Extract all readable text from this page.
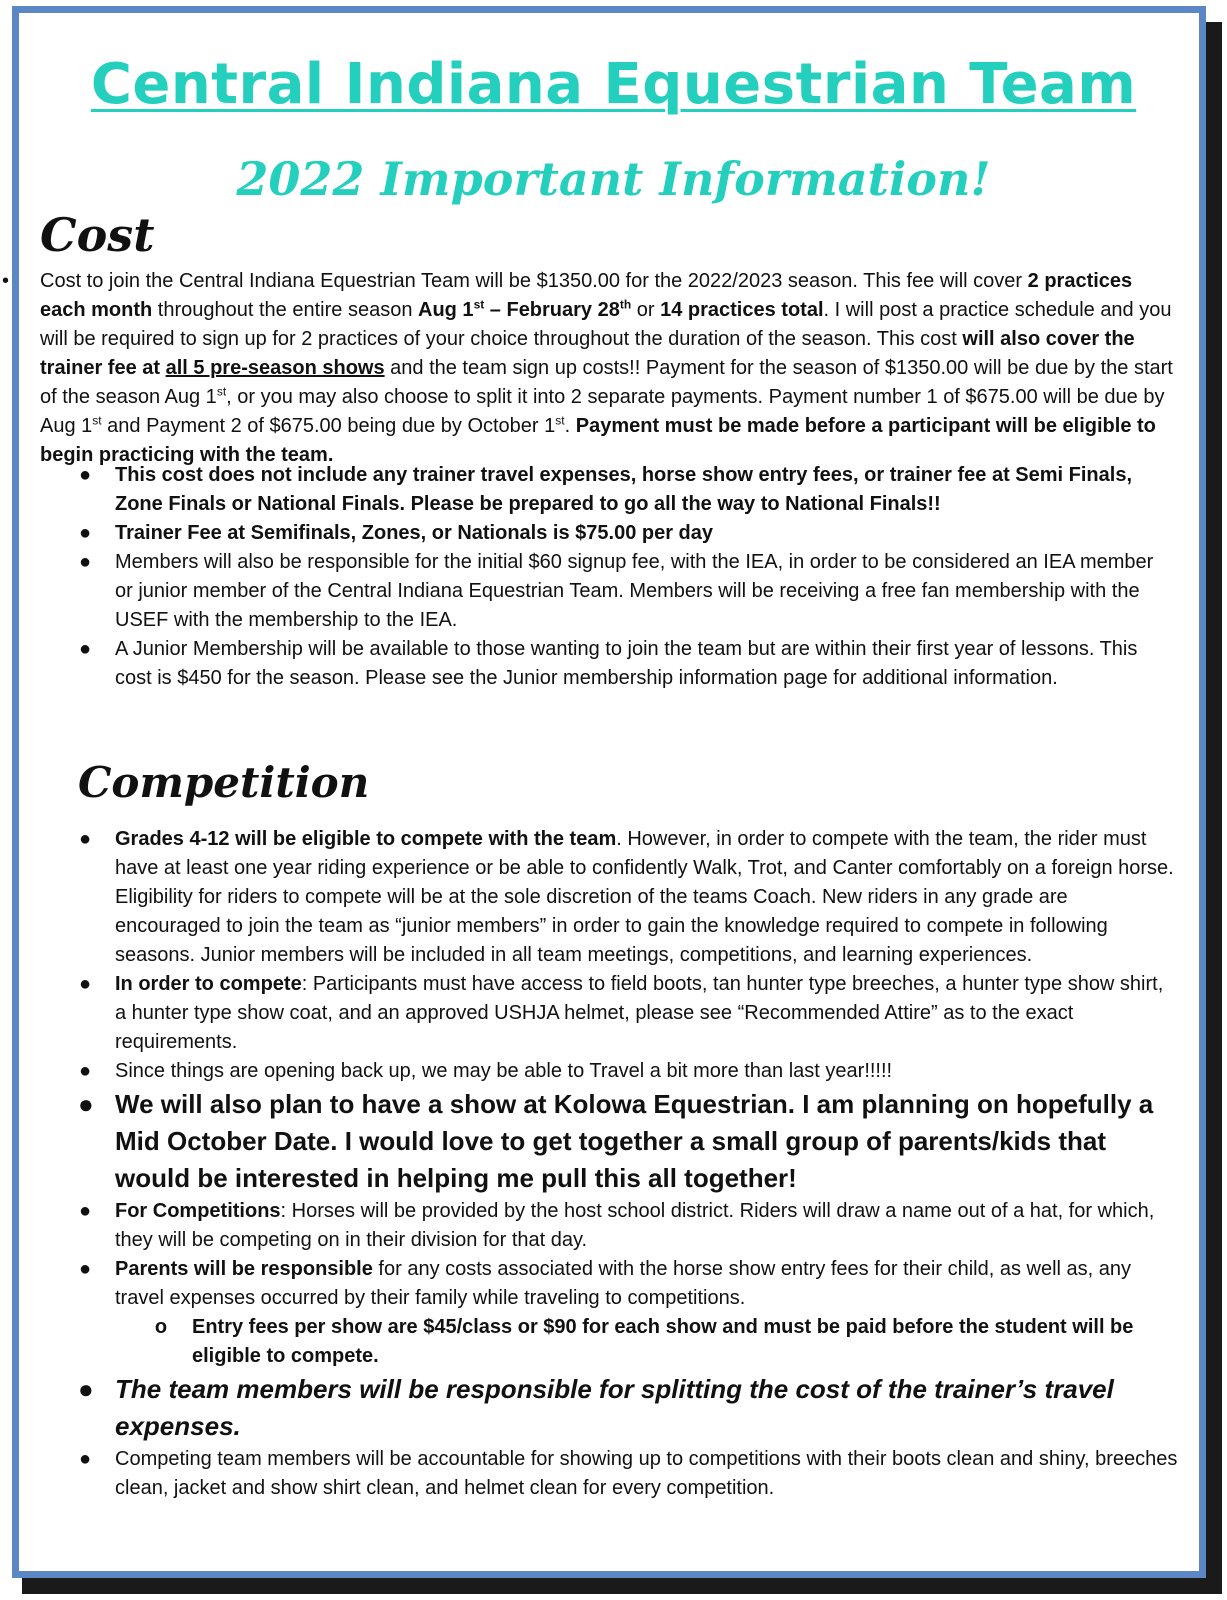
Central Indiana Equestrian Team
2022 Important Information!
Cost
• Cost to join the Central Indiana Equestrian Team will be $1350.00 for the 2022/2023 season. This fee will cover 2 practices each month throughout the entire season Aug 1st – February 28th or 14 practices total. I will post a practice schedule and you will be required to sign up for 2 practices of your choice throughout the duration of the season. This cost will also cover the trainer fee at all 5 pre-season shows and the team sign up costs!! Payment for the season of $1350.00 will be due by the start of the season Aug 1st, or you may also choose to split it into 2 separate payments. Payment number 1 of $675.00 will be due by Aug 1st and Payment 2 of $675.00 being due by October 1st. Payment must be made before a participant will be eligible to begin practicing with the team.
● This cost does not include any trainer travel expenses, horse show entry fees, or trainer fee at Semi Finals, Zone Finals or National Finals. Please be prepared to go all the way to National Finals!!
● Trainer Fee at Semifinals, Zones, or Nationals is $75.00 per day
● Members will also be responsible for the initial $60 signup fee, with the IEA, in order to be considered an IEA member or junior member of the Central Indiana Equestrian Team. Members will be receiving a free fan membership with the USEF with the membership to the IEA.
● A Junior Membership will be available to those wanting to join the team but are within their first year of lessons. This cost is $450 for the season. Please see the Junior membership information page for additional information.
Competition
● Grades 4-12 will be eligible to compete with the team. However, in order to compete with the team, the rider must have at least one year riding experience or be able to confidently Walk, Trot, and Canter comfortably on a foreign horse. Eligibility for riders to compete will be at the sole discretion of the teams Coach. New riders in any grade are encouraged to join the team as “junior members” in order to gain the knowledge required to compete in following seasons. Junior members will be included in all team meetings, competitions, and learning experiences.
● In order to compete: Participants must have access to field boots, tan hunter type breeches, a hunter type show shirt, a hunter type show coat, and an approved USHJA helmet, please see “Recommended Attire” as to the exact requirements.
● Since things are opening back up, we may be able to Travel a bit more than last year!!!!!
● We will also plan to have a show at Kolowa Equestrian. I am planning on hopefully a Mid October Date. I would love to get together a small group of parents/kids that would be interested in helping me pull this all together!
● For Competitions: Horses will be provided by the host school district. Riders will draw a name out of a hat, for which, they will be competing on in their division for that day.
● Parents will be responsible for any costs associated with the horse show entry fees for their child, as well as, any travel expenses occurred by their family while traveling to competitions.
o Entry fees per show are $45/class or $90 for each show and must be paid before the student will be eligible to compete.
● The team members will be responsible for splitting the cost of the trainer’s travel expenses.
● Competing team members will be accountable for showing up to competitions with their boots clean and shiny, breeches clean, jacket and show shirt clean, and helmet clean for every competition.
